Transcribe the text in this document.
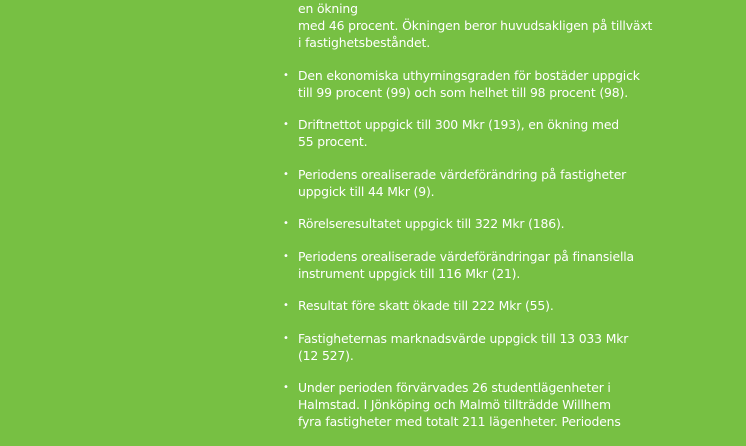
en ökning
med 46 procent. Ökningen beror huvudsakligen på tillväxt
i fastighetsbeståndet.
• Den ekonomiska uthyrningsgraden för bostäder uppgick
till 99 procent (99) och som helhet till 98 procent (98).
• Driftnettot uppgick till 300 Mkr (193), en ökning med
55 procent.
• Periodens orealiserade värdeförändring på fastigheter
uppgick till 44 Mkr (9).
• Rörelseresultatet uppgick till 322 Mkr (186).
• Periodens orealiserade värdeförändringar på finansiella
instrument uppgick till 116 Mkr (21).
• Resultat före skatt ökade till 222 Mkr (55).
• Fastigheternas marknadsvärde uppgick till 13 033 Mkr
(12 527).
• Under perioden förvärvades 26 studentlägenheter i
Halmstad. I Jönköping och Malmö tillträdde Willhem
fyra fastigheter med totalt 211 lägenheter. Periodens
